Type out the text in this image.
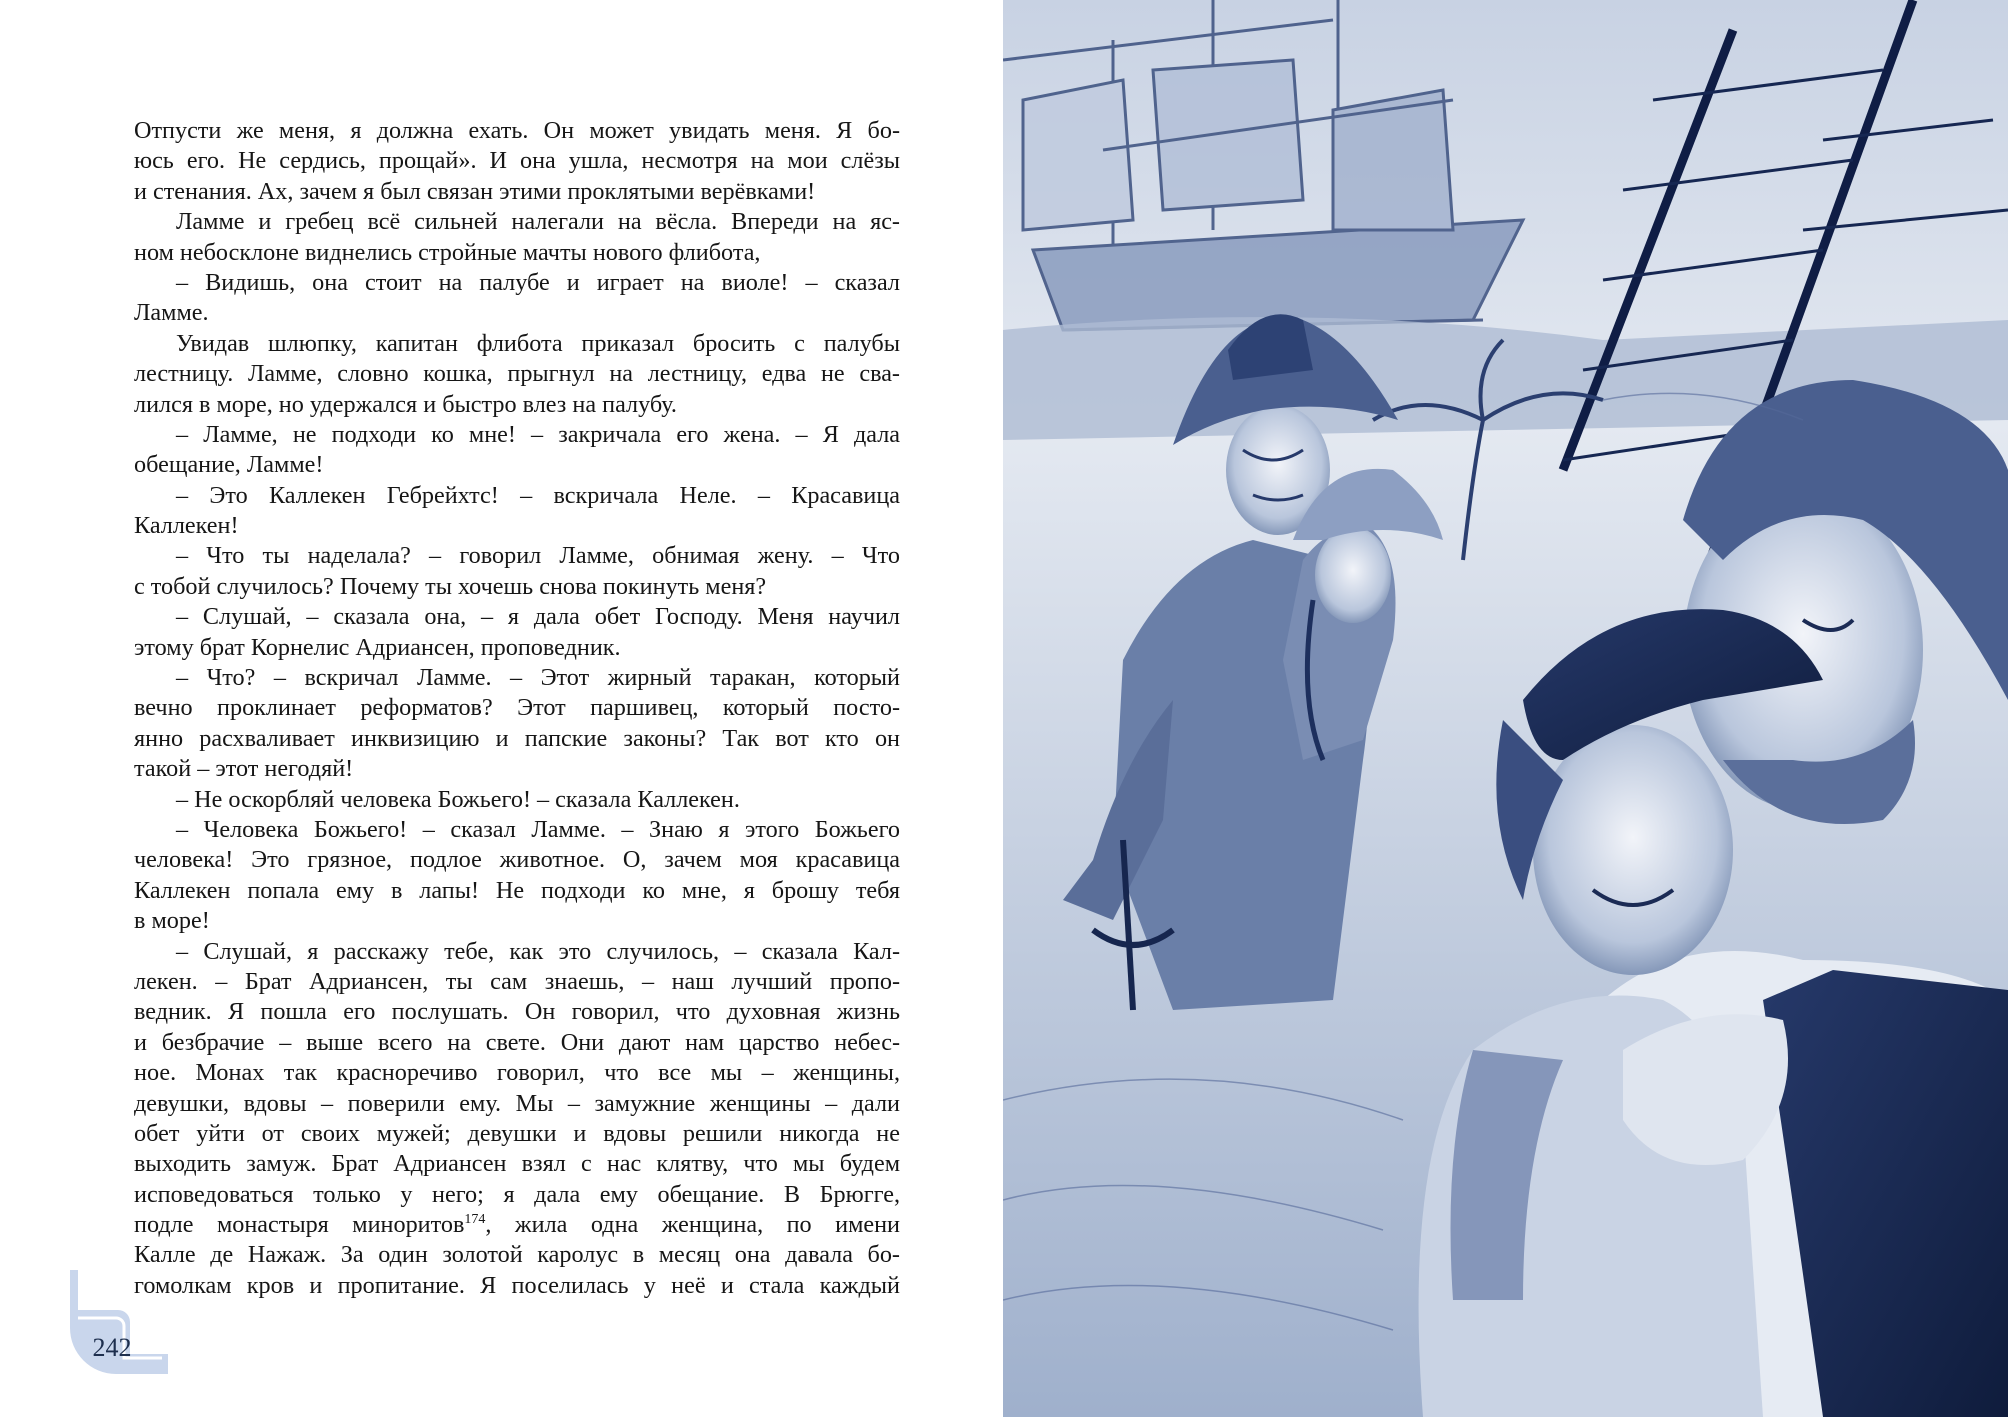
Отпусти же меня, я должна ехать. Он может увидать меня. Я бо-

юсь его. Не сердись, прощай». И она ушла, несмотря на мои слёзы

и стенания. Ах, зачем я был связан этими проклятыми верёвками!

Ламме и гребец всё сильней налегали на вёсла. Впереди на яс-

ном небосклоне виднелись стройные мачты нового флибота,

– Видишь, она стоит на палубе и играет на виоле! – сказал

Ламме.

Увидав шлюпку, капитан флибота приказал бросить с палубы

лестницу. Ламме, словно кошка, прыгнул на лестницу, едва не сва-

лился в море, но удержался и быстро влез на палубу.

– Ламме, не подходи ко мне! – закричала его жена. – Я дала

обещание, Ламме!

– Это Каллекен Гебрейхтс! – вскричала Неле. – Красавица

Каллекен!

– Что ты наделала? – говорил Ламме, обнимая жену. – Что

с тобой случилось? Почему ты хочешь снова покинуть меня?

– Слушай, – сказала она, – я дала обет Господу. Меня научил

этому брат Корнелис Адриансен, проповедник.

– Что? – вскричал Ламме. – Этот жирный таракан, который

вечно проклинает реформатов? Этот паршивец, который посто-

янно расхваливает инквизицию и папские законы? Так вот кто он

такой – этот негодяй!

– Не оскорбляй человека Божьего! – сказала Каллекен.

– Человека Божьего! – сказал Ламме. – Знаю я этого Божьего

человека! Это грязное, подлое животное. О, зачем моя красавица

Каллекен попала ему в лапы! Не подходи ко мне, я брошу тебя

в море!

– Слушай, я расскажу тебе, как это случилось, – сказала Кал-

лекен. – Брат Адриансен, ты сам знаешь, – наш лучший пропо-

ведник. Я пошла его послушать. Он говорил, что духовная жизнь

и безбрачие – выше всего на свете. Они дают нам царство небес-

ное. Монах так красноречиво говорил, что все мы – женщины,

девушки, вдовы – поверили ему. Мы – замужние женщины – дали

обет уйти от своих мужей; девушки и вдовы решили никогда не

выходить замуж. Брат Адриансен взял с нас клятву, что мы будем

исповедоваться только у него; я дала ему обещание. В Брюгге,

подле монастыря миноритов$^{174}$, жила одна женщина, по имени

Калле де Нажаж. За один золотой каролус в месяц она давала бо-

гомолкам кров и пропитание. Я поселилась у неё и стала каждый

242
